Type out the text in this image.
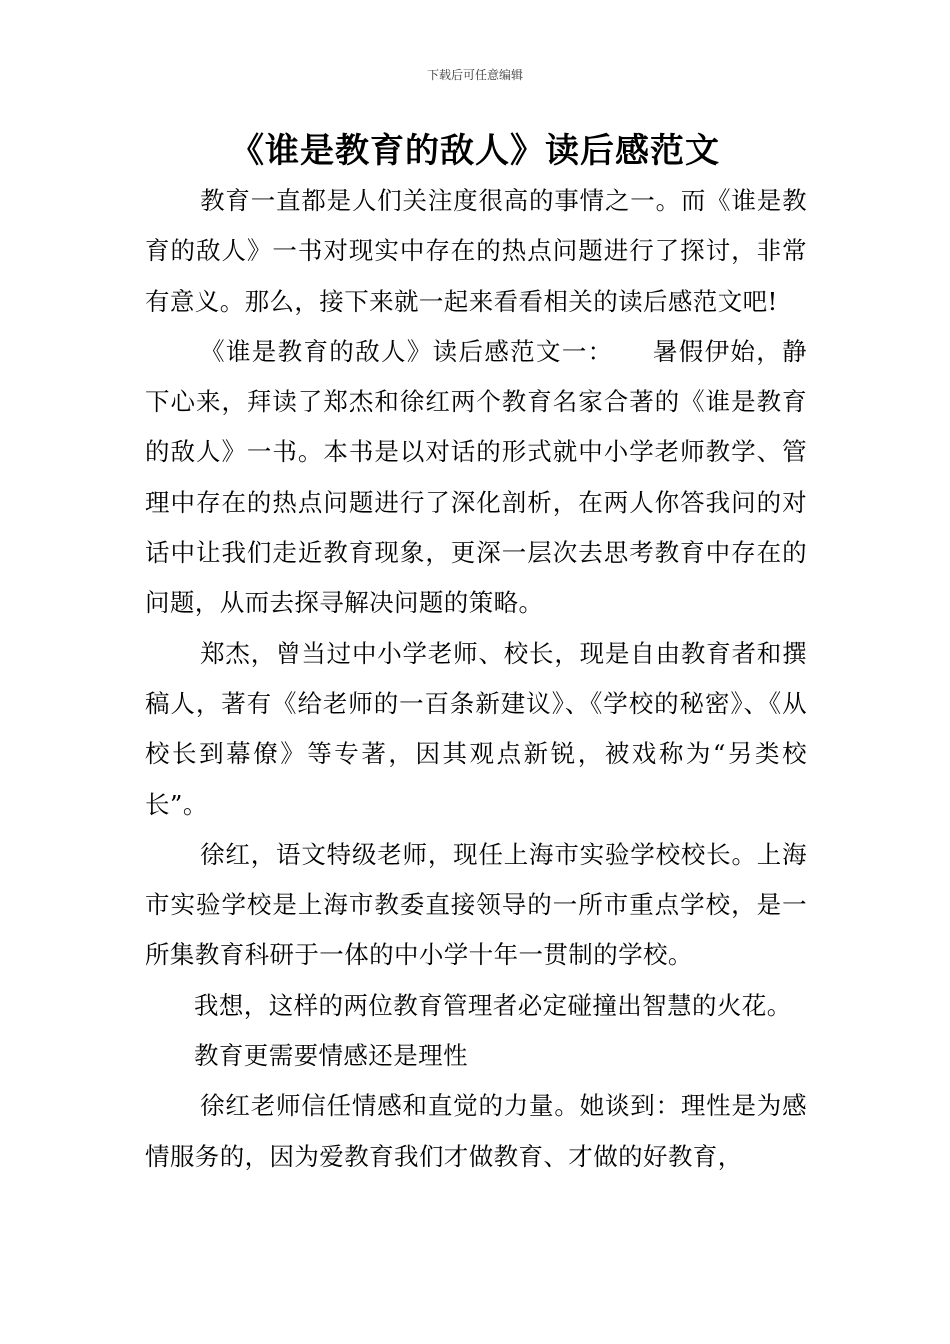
下载后可任意编辑
《谁是教育的敌人》读后感范文

教育一直都是人们关注度很高的事情之一。而《谁是教育的敌人》一书对现实中存在的热点问题进行了探讨，非常有意义。那么，接下来就一起来看看相关的读后感范文吧!

《谁是教育的敌人》读后感范文一：　　暑假伊始，静下心来，拜读了郑杰和徐红两个教育名家合著的《谁是教育的敌人》一书。本书是以对话的形式就中小学老师教学、管理中存在的热点问题进行了深化剖析，在两人你答我问的对话中让我们走近教育现象，更深一层次去思考教育中存在的问题，从而去探寻解决问题的策略。

郑杰，曾当过中小学老师、校长，现是自由教育者和撰稿人，著有《给老师的一百条新建议》、《学校的秘密》、《从校长到幕僚》等专著，因其观点新锐，被戏称为“另类校长”。

徐红，语文特级老师，现任上海市实验学校校长。上海市实验学校是上海市教委直接领导的一所市重点学校，是一所集教育科研于一体的中小学十年一贯制的学校。

我想，这样的两位教育管理者必定碰撞出智慧的火花。

教育更需要情感还是理性

徐红老师信任情感和直觉的力量。她谈到：理性是为感情服务的，因为爱教育我们才做教育、才做的好教育，
